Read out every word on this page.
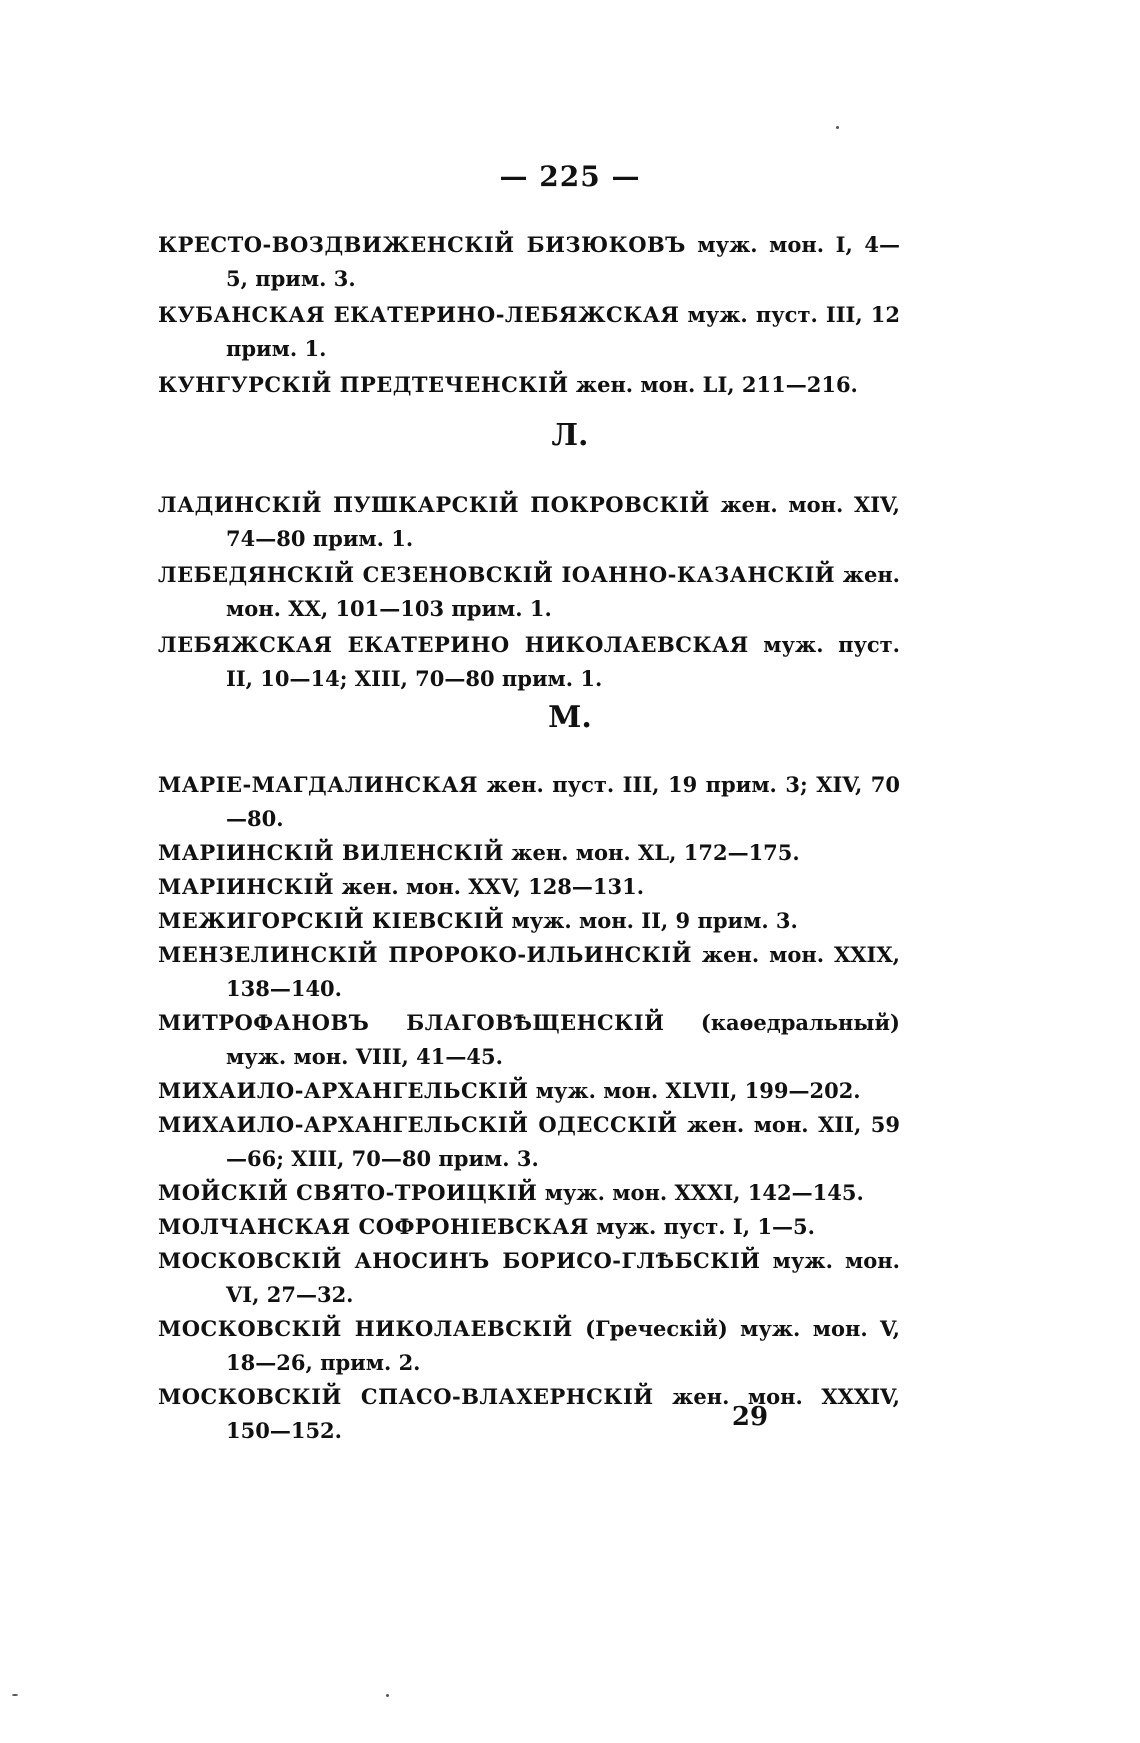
— 225 —

КРЕСТО-ВОЗДВИЖЕНСКІЙ БИЗЮКОВЪ муж. мон. I, 4—5, прим. 3.

КУБАНСКАЯ ЕКАТЕРИНО-ЛЕБЯЖСКАЯ муж. пуст. III, 12 прим. 1.

КУНГУРСКІЙ ПРЕДТЕЧЕНСКІЙ жен. мон. LI, 211—216.

Л.

ЛАДИНСКІЙ ПУШКАРСКІЙ ПОКРОВСКІЙ жен. мон. XIV, 74—80 прим. 1.

ЛЕБЕДЯНСКІЙ СЕЗЕНОВСКІЙ ІОАННО-КАЗАНСКІЙ жен. мон. XX, 101—103 прим. 1.

ЛЕБЯЖСКАЯ ЕКАТЕРИНО НИКОЛАЕВСКАЯ муж. пуст. II, 10—14; XIII, 70—80 прим. 1.

М.

МАРІЕ-МАГДАЛИНСКАЯ жен. пуст. III, 19 прим. 3; XIV, 70—80.

МАРІИНСКІЙ ВИЛЕНСКІЙ жен. мон. XL, 172—175.

МАРІИНСКІЙ жен. мон. XXV, 128—131.

МЕЖИГОРСКІЙ КІЕВСКІЙ муж. мон. II, 9 прим. 3.

МЕНЗЕЛИНСКІЙ ПРОРОКО-ИЛЬИНСКІЙ жен. мон. XXIX, 138—140.

МИТРОФАНОВЪ БЛАГОВѢЩЕНСКІЙ (каѳедральный) муж. мон. VIII, 41—45.

МИХАИЛО-АРХАНГЕЛЬСКІЙ муж. мон. XLVII, 199—202.

МИХАИЛО-АРХАНГЕЛЬСКІЙ ОДЕССКІЙ жен. мон. XII, 59—66; XIII, 70—80 прим. 3.

МОЙСКІЙ СВЯТО-ТРОИЦКІЙ муж. мон. XXXI, 142—145.

МОЛЧАНСКАЯ СОФРОНІЕВСКАЯ муж. пуст. I, 1—5.

МОСКОВСКІЙ АНОСИНЪ БОРИСО-ГЛѢБСКІЙ муж. мон. VI, 27—32.

МОСКОВСКІЙ НИКОЛАЕВСКІЙ (Греческій) муж. мон. V, 18—26, прим. 2.

МОСКОВСКІЙ СПАСО-ВЛАХЕРНСКІЙ жен. мон. XXXIV, 150—152.	29
